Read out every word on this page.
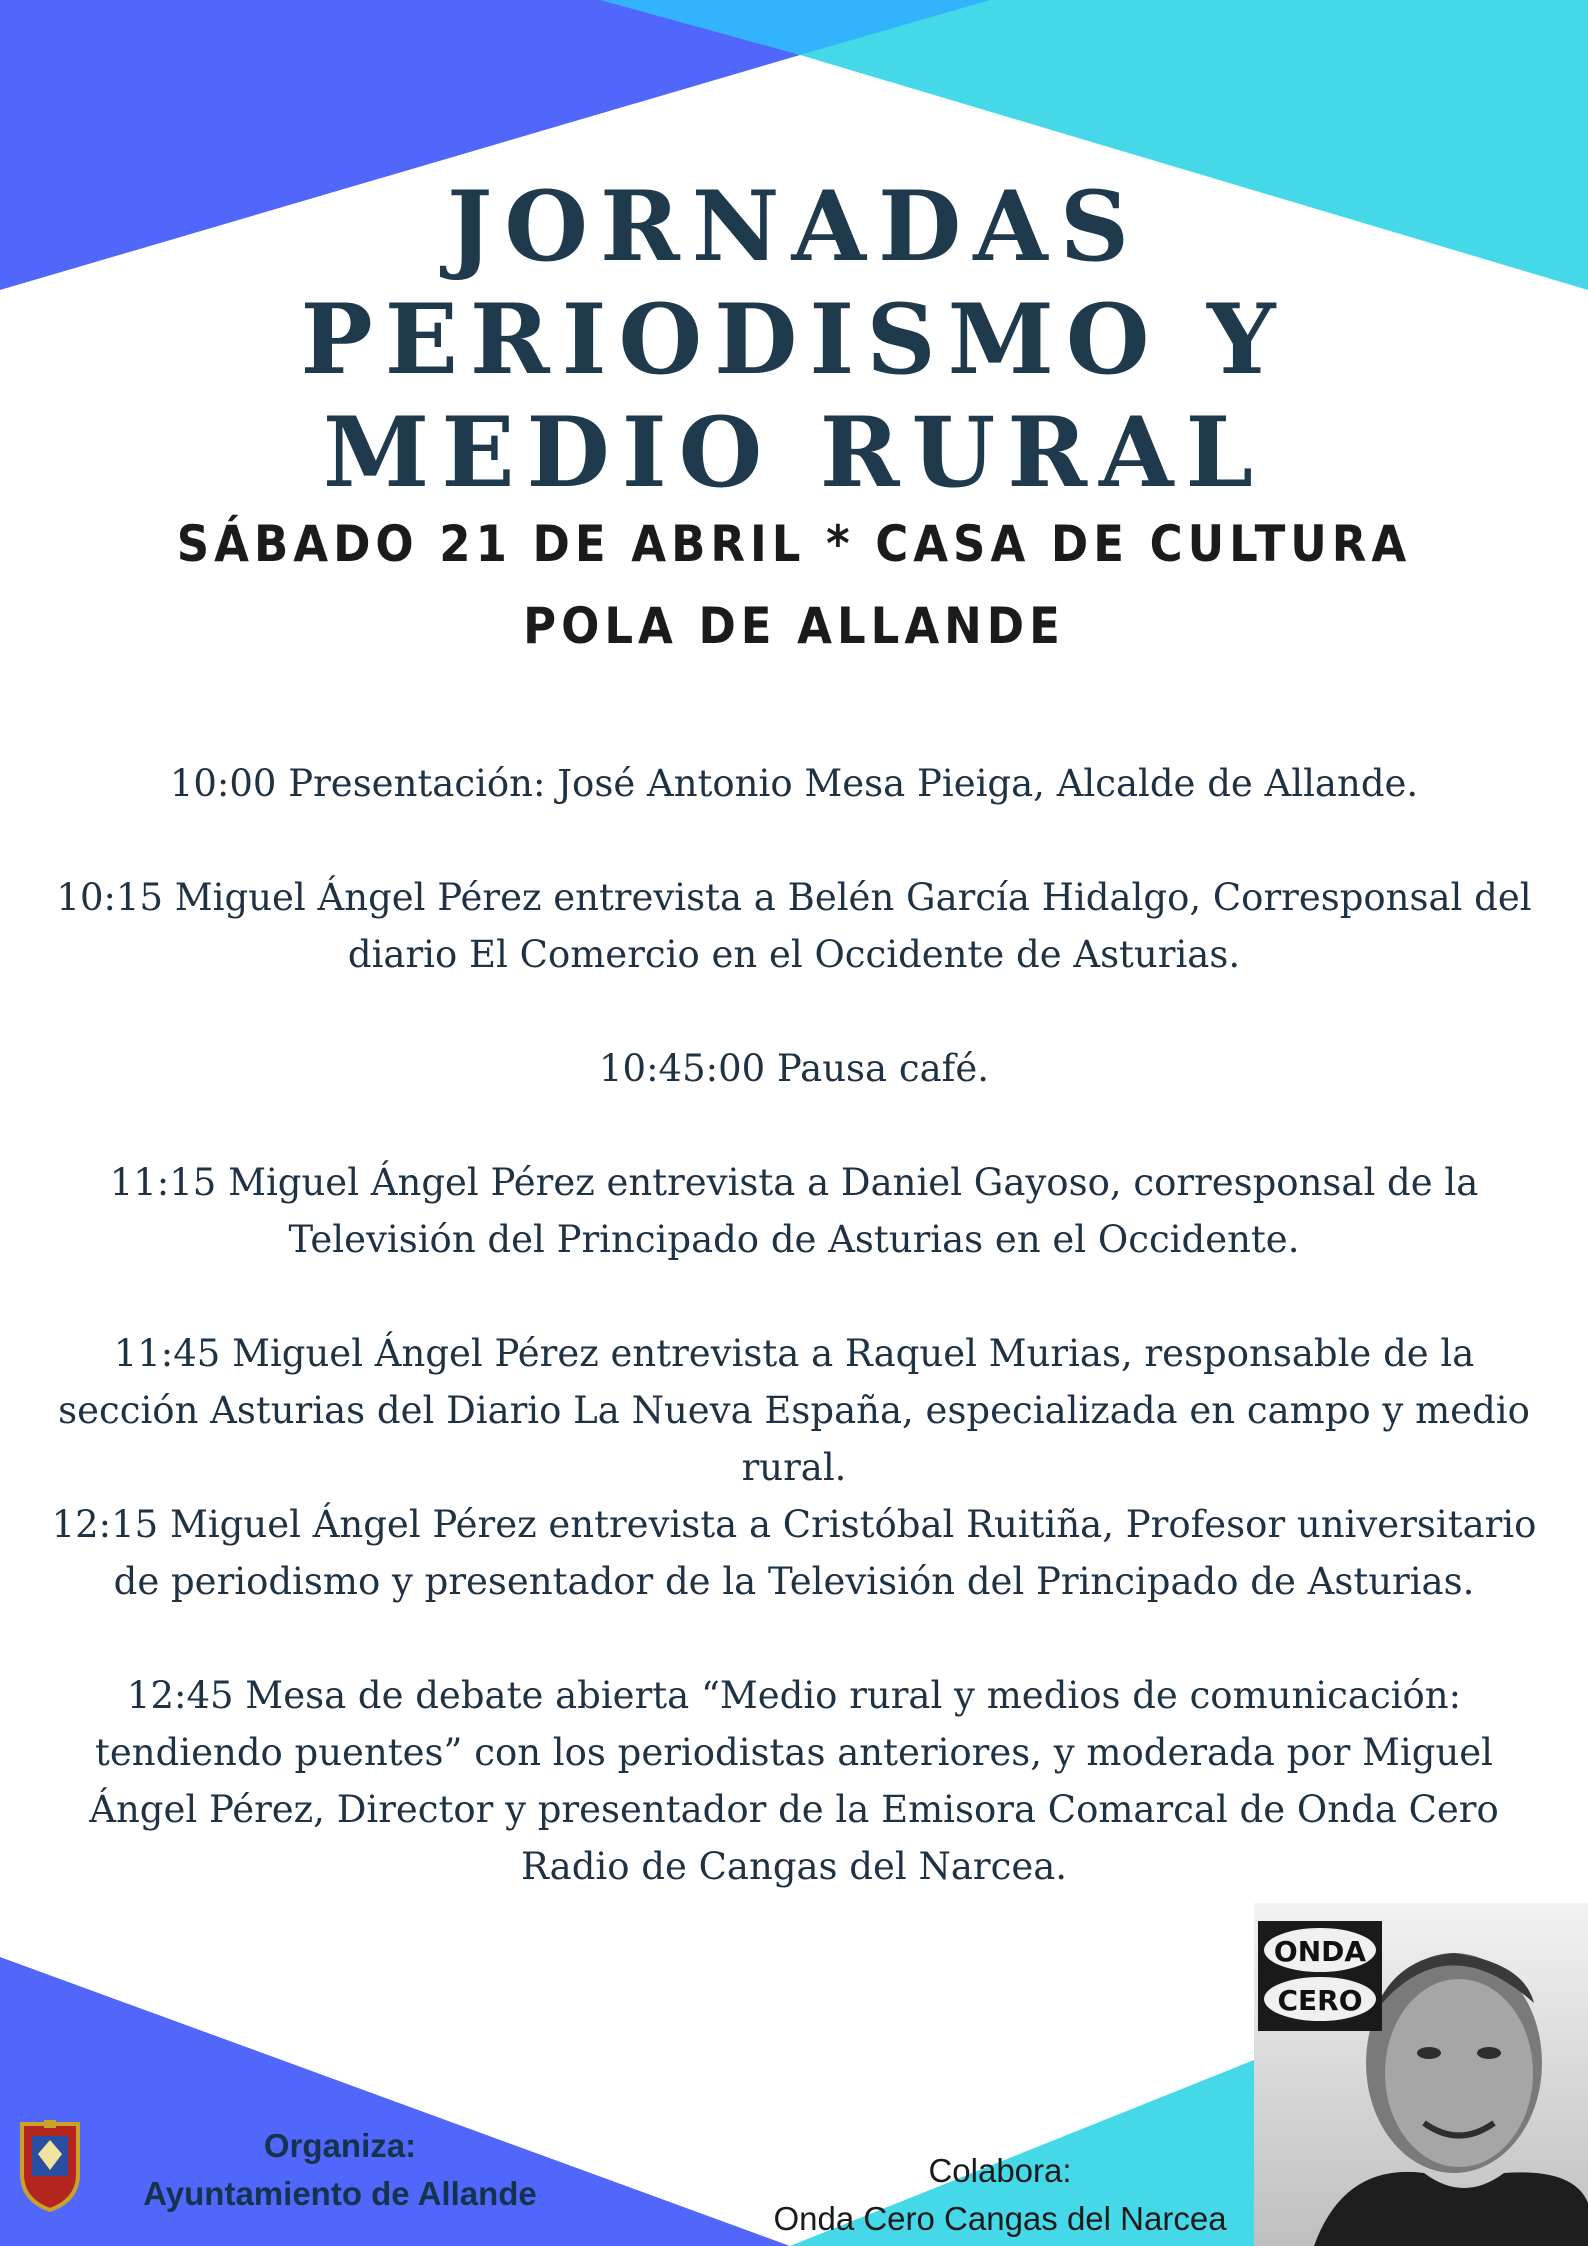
JORNADAS
PERIODISMO Y
MEDIO RURAL

SÁBADO 21 DE ABRIL * CASA DE CULTURA

POLA DE ALLANDE

10:00 Presentación: José Antonio Mesa Pieiga, Alcalde de Allande.

10:15 Miguel Ángel Pérez entrevista a Belén García Hidalgo, Corresponsal del
diario El Comercio en el Occidente de Asturias.

10:45:00 Pausa café.

11:15 Miguel Ángel Pérez entrevista a Daniel Gayoso, corresponsal de la
Televisión del Principado de Asturias en el Occidente.

11:45 Miguel Ángel Pérez entrevista a Raquel Murias, responsable de la
sección Asturias del Diario La Nueva España, especializada en campo y medio
rural.

12:15 Miguel Ángel Pérez entrevista a Cristóbal Ruitiña, Profesor universitario
de periodismo y presentador de la Televisión del Principado de Asturias.

12:45 Mesa de debate abierta “Medio rural y medios de comunicación:
tendiendo puentes” con los periodistas anteriores, y moderada por Miguel
Ángel Pérez, Director y presentador de la Emisora Comarcal de Onda Cero
Radio de Cangas del Narcea.

Organiza:
Ayuntamiento de Allande
Colabora:
Onda Cero Cangas del Narcea
ONDA
CERO
